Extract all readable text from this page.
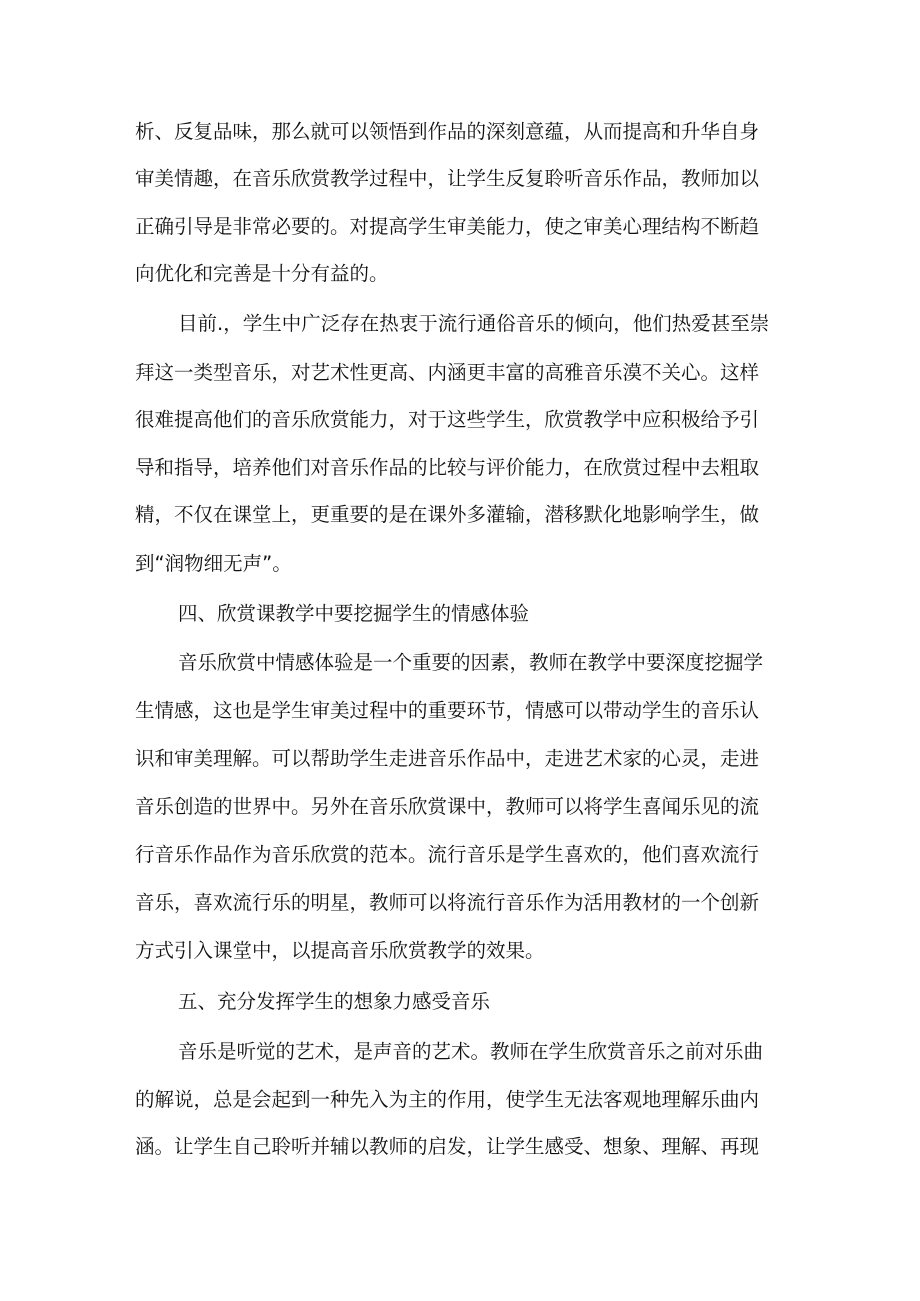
析、反复品味，那么就可以领悟到作品的深刻意蕴，从而提高和升华自身
审美情趣，在音乐欣赏教学过程中，让学生反复聆听音乐作品，教师加以
正确引导是非常必要的。对提高学生审美能力，使之审美心理结构不断趋
向优化和完善是十分有益的。
目前.，学生中广泛存在热衷于流行通俗音乐的倾向，他们热爱甚至崇
拜这一类型音乐，对艺术性更高、内涵更丰富的高雅音乐漠不关心。这样
很难提高他们的音乐欣赏能力，对于这些学生，欣赏教学中应积极给予引
导和指导，培养他们对音乐作品的比较与评价能力，在欣赏过程中去粗取
精，不仅在课堂上，更重要的是在课外多灌输，潜移默化地影响学生，做
到“润物细无声”。
四、欣赏课教学中要挖掘学生的情感体验
音乐欣赏中情感体验是一个重要的因素，教师在教学中要深度挖掘学
生情感，这也是学生审美过程中的重要环节，情感可以带动学生的音乐认
识和审美理解。可以帮助学生走进音乐作品中，走进艺术家的心灵，走进
音乐创造的世界中。另外在音乐欣赏课中，教师可以将学生喜闻乐见的流
行音乐作品作为音乐欣赏的范本。流行音乐是学生喜欢的，他们喜欢流行
音乐，喜欢流行乐的明星，教师可以将流行音乐作为活用教材的一个创新
方式引入课堂中，以提高音乐欣赏教学的效果。
五、充分发挥学生的想象力感受音乐
音乐是听觉的艺术，是声音的艺术。教师在学生欣赏音乐之前对乐曲
的解说，总是会起到一种先入为主的作用，使学生无法客观地理解乐曲内
涵。让学生自己聆听并辅以教师的启发，让学生感受、想象、理解、再现
